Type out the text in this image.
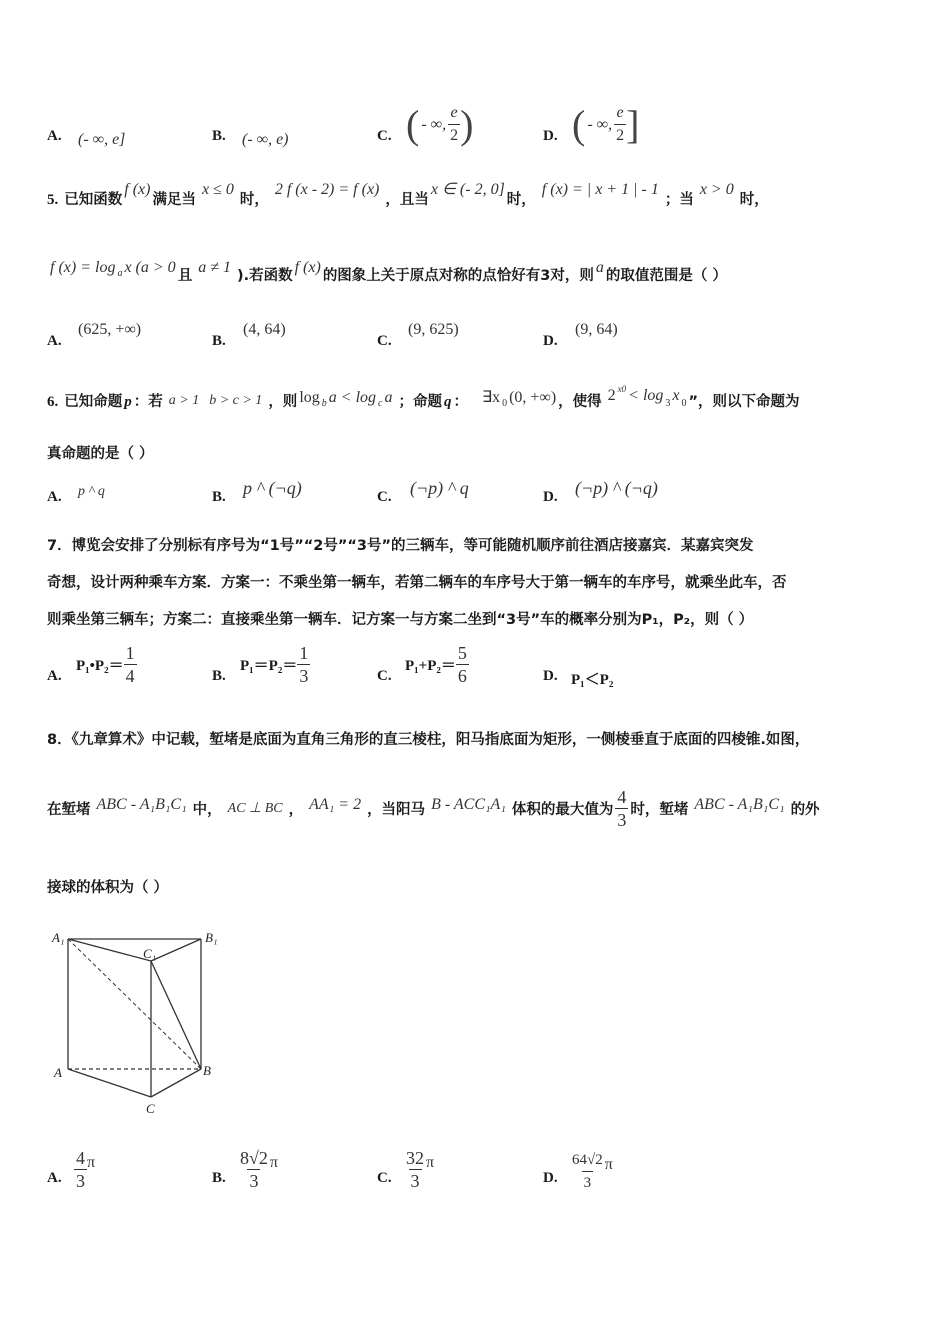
A. (- ∞, e]	B. (- ∞, e)	C. ( - ∞, $\frac{e}{2}$ )	D. ( - ∞, $\frac{e}{2}$ ]
5. 已知函数
f (x)
满足当
x ≤ 0
时，
2 f (x - 2) = f (x)
，且当
x ∈ (- 2, 0]
时，
f (x) = | x + 1 | - 1
；当
x > 0
时，
f (x) = log a x (a > 0 且 a ≠ 1 ).若函数 f (x) 的图象上关于原点对称的点恰好有3对，则 a 的取值范围是（ ）
A.
(625, +∞)
B.
(4, 64)
C.
(9, 625)
D.
(9, 64)
6. 已知命题 p ：若 a > 1 b > c > 1 ，则 log b a < log c a ；命题 q ： ∃x 0 (0, +∞) ，使得 2 x0 < log 3 x 0 ”，则以下命题为
真命题的是（ ）
A. p ^ q	B. p ^ (¬q)	C. (¬p) ^ q	D. (¬p) ^ (¬q)
7．博览会安排了分别标有序号为“1号”“2号”“3号”的三辆车，等可能随机顺序前往酒店接嘉宾．某嘉宾突发
奇想，设计两种乘车方案．方案一：不乘坐第一辆车，若第二辆车的车序号大于第一辆车的车序号，就乘坐此车，否
则乘坐第三辆车；方案二：直接乘坐第一辆车．记方案一与方案二坐到“3号”车的概率分别为P₁，P₂，则（ ）
A.
P₁•P₂＝ $\frac{1}{4}$	B.
$P_1=P_2= \frac{1}{3}$	C.
$P_1+P_2= \frac{5}{6}$	D. P₁＜P₂
8．《九章算术》中记载，堑堵是底面为直角三角形的直三棱柱，阳马指底面为矩形，一侧棱垂直于底面的四棱锥.如图，
在堑堵 ABC - A₁B₁C₁ 中， AC ⊥ BC ， AA₁ = 2 ，当阳马 B - ACC₁A₁ 体积的最大值为 $\frac{4}{3}$ 时，堑堵 ABC - A₁B₁C₁ 的外
接球的体积为（ ）
A₁	B₁
C₁
A	B
C
A. $\frac{4}{3}$ π
B. $\frac{8√2}{3}$ π
C. $\frac{32}{3}$ π
D. $\frac{64√2}{3}$ π
